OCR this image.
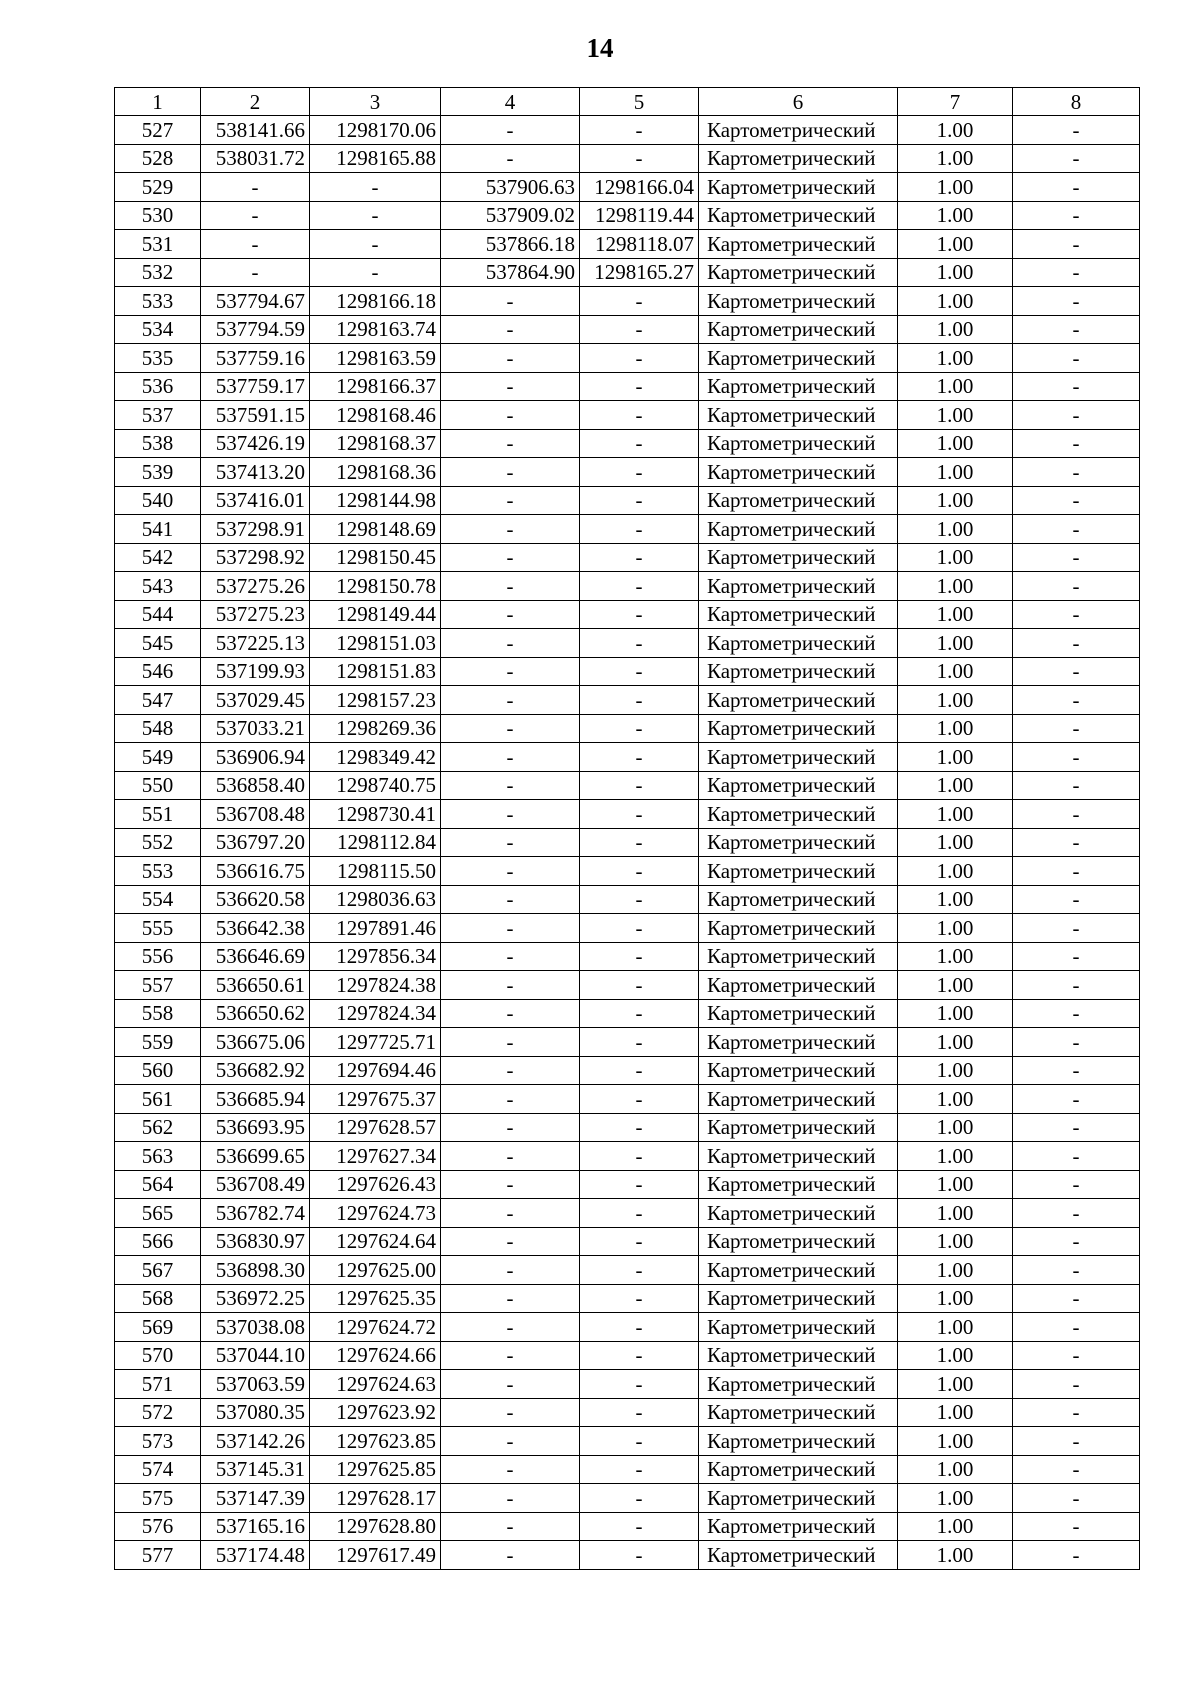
14
1	2	3	4	5	6	7	8
527	538141.66	1298170.06	-	-	Картометрический	1.00	-
528	538031.72	1298165.88	-	-	Картометрический	1.00	-
529	-	-	537906.63	1298166.04	Картометрический	1.00	-
530	-	-	537909.02	1298119.44	Картометрический	1.00	-
531	-	-	537866.18	1298118.07	Картометрический	1.00	-
532	-	-	537864.90	1298165.27	Картометрический	1.00	-
533	537794.67	1298166.18	-	-	Картометрический	1.00	-
534	537794.59	1298163.74	-	-	Картометрический	1.00	-
535	537759.16	1298163.59	-	-	Картометрический	1.00	-
536	537759.17	1298166.37	-	-	Картометрический	1.00	-
537	537591.15	1298168.46	-	-	Картометрический	1.00	-
538	537426.19	1298168.37	-	-	Картометрический	1.00	-
539	537413.20	1298168.36	-	-	Картометрический	1.00	-
540	537416.01	1298144.98	-	-	Картометрический	1.00	-
541	537298.91	1298148.69	-	-	Картометрический	1.00	-
542	537298.92	1298150.45	-	-	Картометрический	1.00	-
543	537275.26	1298150.78	-	-	Картометрический	1.00	-
544	537275.23	1298149.44	-	-	Картометрический	1.00	-
545	537225.13	1298151.03	-	-	Картометрический	1.00	-
546	537199.93	1298151.83	-	-	Картометрический	1.00	-
547	537029.45	1298157.23	-	-	Картометрический	1.00	-
548	537033.21	1298269.36	-	-	Картометрический	1.00	-
549	536906.94	1298349.42	-	-	Картометрический	1.00	-
550	536858.40	1298740.75	-	-	Картометрический	1.00	-
551	536708.48	1298730.41	-	-	Картометрический	1.00	-
552	536797.20	1298112.84	-	-	Картометрический	1.00	-
553	536616.75	1298115.50	-	-	Картометрический	1.00	-
554	536620.58	1298036.63	-	-	Картометрический	1.00	-
555	536642.38	1297891.46	-	-	Картометрический	1.00	-
556	536646.69	1297856.34	-	-	Картометрический	1.00	-
557	536650.61	1297824.38	-	-	Картометрический	1.00	-
558	536650.62	1297824.34	-	-	Картометрический	1.00	-
559	536675.06	1297725.71	-	-	Картометрический	1.00	-
560	536682.92	1297694.46	-	-	Картометрический	1.00	-
561	536685.94	1297675.37	-	-	Картометрический	1.00	-
562	536693.95	1297628.57	-	-	Картометрический	1.00	-
563	536699.65	1297627.34	-	-	Картометрический	1.00	-
564	536708.49	1297626.43	-	-	Картометрический	1.00	-
565	536782.74	1297624.73	-	-	Картометрический	1.00	-
566	536830.97	1297624.64	-	-	Картометрический	1.00	-
567	536898.30	1297625.00	-	-	Картометрический	1.00	-
568	536972.25	1297625.35	-	-	Картометрический	1.00	-
569	537038.08	1297624.72	-	-	Картометрический	1.00	-
570	537044.10	1297624.66	-	-	Картометрический	1.00	-
571	537063.59	1297624.63	-	-	Картометрический	1.00	-
572	537080.35	1297623.92	-	-	Картометрический	1.00	-
573	537142.26	1297623.85	-	-	Картометрический	1.00	-
574	537145.31	1297625.85	-	-	Картометрический	1.00	-
575	537147.39	1297628.17	-	-	Картометрический	1.00	-
576	537165.16	1297628.80	-	-	Картометрический	1.00	-
577	537174.48	1297617.49	-	-	Картометрический	1.00	-
